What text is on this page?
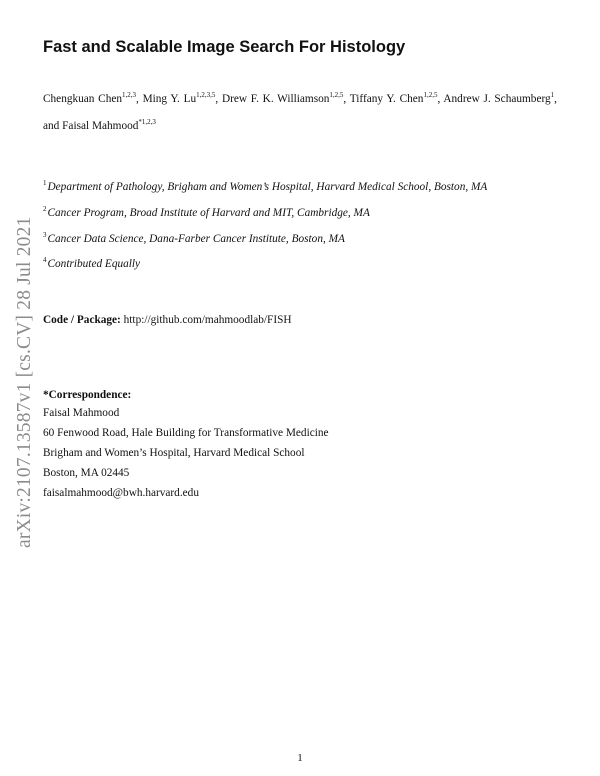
arXiv:2107.13587v1 [cs.CV] 28 Jul 2021
Fast and Scalable Image Search For Histology
Chengkuan Chen$^{1,2,3}$, Ming Y. Lu$^{1,2,3,5}$, Drew F. K. Williamson$^{1,2,5}$, Tiffany Y. Chen$^{1,2,5}$, Andrew J. Schaumberg$^1$, and Faisal Mahmood$^{*1,2,3}$
$^1$Department of Pathology, Brigham and Women’s Hospital, Harvard Medical School, Boston, MA
$^2$Cancer Program, Broad Institute of Harvard and MIT, Cambridge, MA
$^3$Cancer Data Science, Dana-Farber Cancer Institute, Boston, MA
$^4$Contributed Equally
Code / Package: http://github.com/mahmoodlab/FISH
*Correspondence:
Faisal Mahmood
60 Fenwood Road, Hale Building for Transformative Medicine
Brigham and Women’s Hospital, Harvard Medical School
Boston, MA 02445
faisalmahmood@bwh.harvard.edu
1
